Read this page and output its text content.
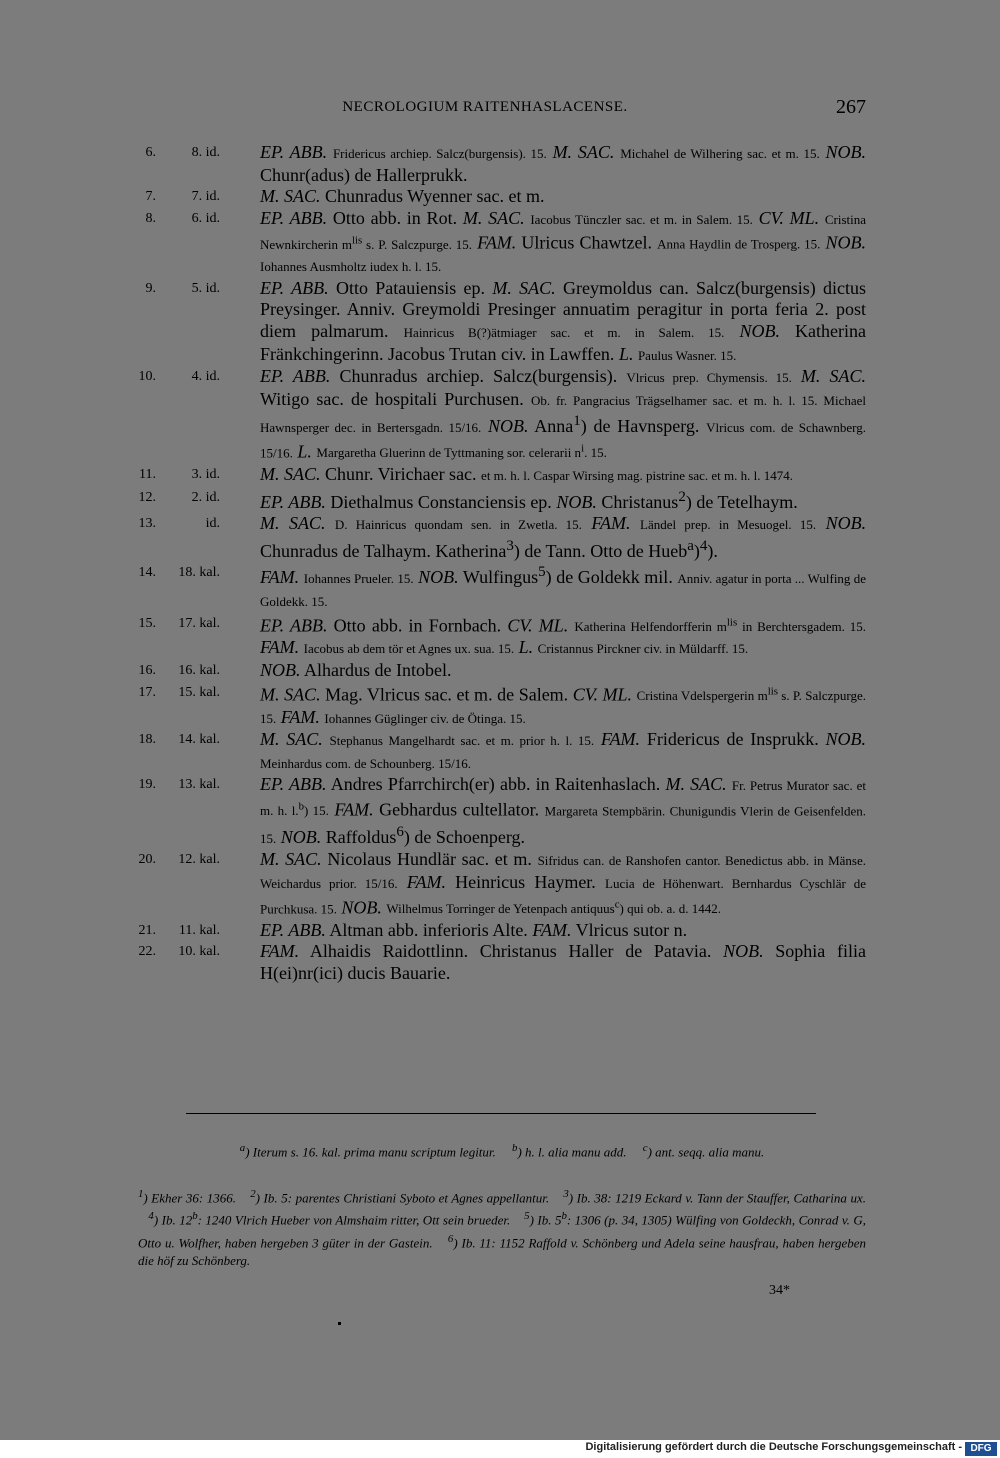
NECROLOGIUM RAITENHASLACENSE.	267
6.	8. id. EP. ABB. Fridericus archiep. Salcz(burgensis). 15. M. SAC. Michahel de Wilhering sac. et m. 15. NOB. Chunr(adus) de Hallerprukk.
7.	7. id. M. SAC. Chunradus Wyenner sac. et m.
8.	6. id. EP. ABB. Otto abb. in Rot. M. SAC. Iacobus Tünczler sac. et m. in Salem. 15. CV. ML. Cristina Newnkircherin $m^{lis}$ s. P. Salczpurge. 15. FAM. Ulricus Chawtzel. Anna Haydlin de Trosperg. 15. NOB. Iohannes Ausmholtz iudex h. l. 15.
9.	5. id. EP. ABB. Otto Patauiensis ep. M. SAC. Greymoldus can. Salcz(burgensis) dictus Preysinger. Anniv. Greymoldi Presinger annuatim peragitur in porta feria 2. post diem palmarum. Hainricus B(?)ätmiager sac. et m. in Salem. 15. NOB. Katherina Fränkchingerinn. Jacobus Trutan civ. in Lawffen. L. Paulus Wasner. 15.
10.	4. id. EP. ABB. Chunradus archiep. Salcz(burgensis). Vlricus prep. Chymensis. 15. M. SAC. Witigo sac. de hospitali Purchusen. Ob. fr. Pangracius Trägselhamer sac. et m. h. l. 15. Michael Hawnsperger dec. in Bertersgadn. 15/16. NOB. Anna$^1$) de Havnsperg. Vlricus com. de Schawnberg. 15/16. L. Margaretha Gluerinn de Tyttmaning sor. celerarii $n^i$. 15.
11.	3. id. M. SAC. Chunr. Virichaer sac. et m. h. l. Caspar Wirsing mag. pistrine sac. et m. h. l. 1474.
12.	2. id. EP. ABB. Diethalmus Constanciensis ep. NOB. Christanus$^2$) de Tetelhaym.
13.	id. M. SAC. D. Hainricus quondam sen. in Zwetla. 15. FAM. Ländel prep. in Mesuogel. 15. NOB. Chunradus de Talhaym. Katherina$^3$) de Tann. Otto de Hueb$^a$)$^4$).
14.	18. kal. FAM. Iohannes Prueler. 15. NOB. Wulfingus$^5$) de Goldekk mil. Anniv. agatur in porta ... Wulfing de Goldekk. 15.
15.	17. kal. EP. ABB. Otto abb. in Fornbach. CV. ML. Katherina Helfendorfferin $m^{lis}$ in Berchtersgadem. 15. FAM. Iacobus ab dem tör et Agnes ux. sua. 15. L. Cristannus Pirckner civ. in Müldarff. 15.
16.	16. kal. NOB. Alhardus de Intobel.
17.	15. kal. M. SAC. Mag. Vlricus sac. et m. de Salem. CV. ML. Cristina Vdelspergerin $m^{lis}$ s. P. Salczpurge. 15. FAM. Iohannes Güglinger civ. de Ötinga. 15.
18.	14. kal. M. SAC. Stephanus Mangelhardt sac. et m. prior h. l. 15. FAM. Fridericus de Insprukk. NOB. Meinhardus com. de Schounberg. 15/16.
19.	13. kal. EP. ABB. Andres Pfarrchirch(er) abb. in Raitenhaslach. M. SAC. Fr. Petrus Murator sac. et m. h. l.$^b$) 15. FAM. Gebhardus cultellator. Margareta Stempbärin. Chunigundis Vlerin de Geisenfelden. 15. NOB. Raffoldus$^6$) de Schoenperg.
20.	12. kal. M. SAC. Nicolaus Hundlär sac. et m. Sifridus can. de Ranshofen cantor. Benedictus abb. in Mänse. Weichardus prior. 15/16. FAM. Heinricus Haymer. Lucia de Höhenwart. Bernhardus Cyschlär de Purchkusa. 15. NOB. Wilhelmus Torringer de Yetenpach antiquus$^c$) qui ob. a. d. 1442.
21.	11. kal. EP. ABB. Altman abb. inferioris Alte. FAM. Vlricus sutor n.
22.	10. kal. FAM. Alhaidis Raidottlinn. Christanus Haller de Patavia. NOB. Sophia filia H(ei)nr(ici) ducis Bauarie.
$^a$) Iterum s. 16. kal. prima manu scriptum legitur.     $^b$) h. l. alia manu add.     $^c$) ant. seqq. alia manu.
$^1$) Ekher 36: 1366.    $^2$) Ib. 5: parentes Christiani Syboto et Agnes appellantur.    $^3$) Ib. 38: 1219 Eckard v. Tann der Stauffer, Catharina ux.    $^4$) Ib. 12$^b$: 1240 Vlrich Hueber von Almshaim ritter, Ott sein brueder.    $^5$) Ib. 5$^b$: 1306 (p. 34, 1305) Wülfing von Goldeckh, Conrad v. G, Otto u. Wolfher, haben hergeben 3 güter in der Gastein.    $^6$) Ib. 11: 1152 Raffold v. Schönberg und Adela seine hausfrau, haben hergeben die höf zu Schönberg.
34*
Digitalisierung gefördert durch die Deutsche Forschungsgemeinschaft - DFG
